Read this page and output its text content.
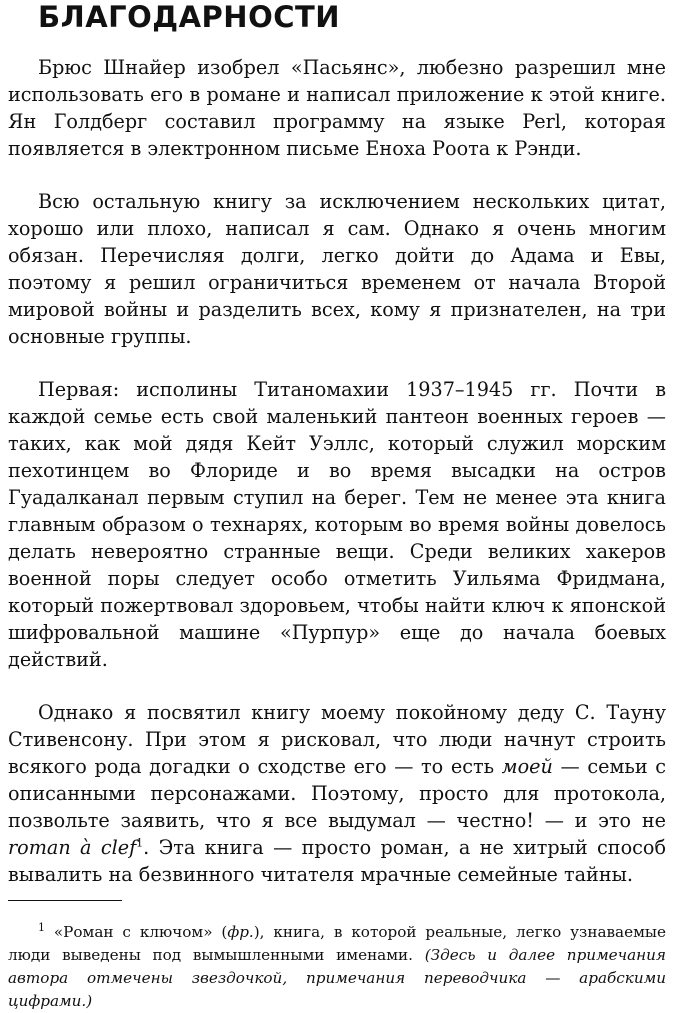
БЛАГОДАРНОСТИ

Брюс Шнайер изобрел «Пасьянс», любезно разрешил мне использовать его в романе и написал приложение к этой книге. Ян Голдберг составил программу на языке Perl, которая появляется в электронном письме Еноха Роота к Рэнди.

Всю остальную книгу за исключением нескольких цитат, хорошо или плохо, написал я сам. Однако я очень многим обязан. Перечисляя долги, легко дойти до Адама и Евы, поэтому я решил ограничиться временем от начала Второй мировой войны и разделить всех, кому я признателен, на три основные группы.

Первая: исполины Титаномахии 1937–1945 гг. Почти в каждой семье есть свой маленький пантеон военных героев — таких, как мой дядя Кейт Уэллс, который служил морским пехотинцем во Флориде и во время высадки на остров Гуадалканал первым ступил на берег. Тем не менее эта книга главным образом о технарях, которым во время войны довелось делать невероятно странные вещи. Среди великих хакеров военной поры следует особо отметить Уильяма Фридмана, который пожертвовал здоровьем, чтобы найти ключ к японской шифровальной машине «Пурпур» еще до начала боевых действий.

Однако я посвятил книгу моему покойному деду С. Тауну Стивенсону. При этом я рисковал, что люди начнут строить всякого рода догадки о сходстве его — то есть моей — семьи с описанными персонажами. Поэтому, просто для протокола, позвольте заявить, что я все выдумал — честно! — и это не roman à clef$^1$. Эта книга — просто роман, а не хитрый способ вывалить на безвинного читателя мрачные семейные тайны.

$^1$ «Роман с ключом» (фр.), книга, в которой реальные, легко узнаваемые люди выведены под вымышленными именами. (Здесь и далее примечания автора отмечены звездочкой, примечания переводчика — арабскими цифрами.)
